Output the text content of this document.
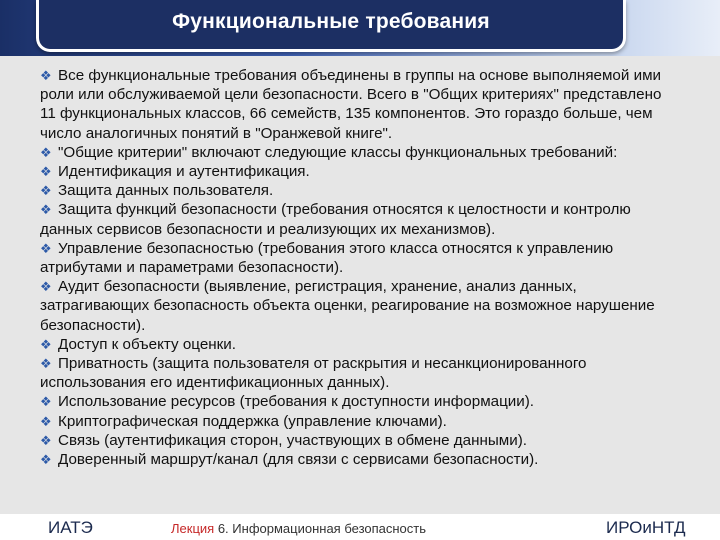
Функциональные требования

❖ Все функциональные требования объединены в группы на основе выполняемой ими роли или обслуживаемой цели безопасности. Всего в "Общих критериях" представлено 11 функциональных классов, 66 семейств, 135 компонентов. Это гораздо больше, чем число аналогичных понятий в "Оранжевой книге".

❖ "Общие критерии" включают следующие классы функциональных требований:

❖ Идентификация и аутентификация.

❖ Защита данных пользователя.

❖ Защита функций безопасности (требования относятся к целостности и контролю данных сервисов безопасности и реализующих их механизмов).

❖ Управление безопасностью (требования этого класса относятся к управлению атрибутами и параметрами безопасности).

❖ Аудит безопасности (выявление, регистрация, хранение, анализ данных, затрагивающих безопасность объекта оценки, реагирование на возможное нарушение безопасности).

❖ Доступ к объекту оценки.

❖ Приватность (защита пользователя от раскрытия и несанкционированного использования его идентификационных данных).

❖ Использование ресурсов (требования к доступности информации).

❖ Криптографическая поддержка (управление ключами).

❖ Связь (аутентификация сторон, участвующих в обмене данными).

❖ Доверенный маршрут/канал (для связи с сервисами безопасности).

ИАТЭ	Лекция 6. Информационная безопасность	ИРОиНТД
